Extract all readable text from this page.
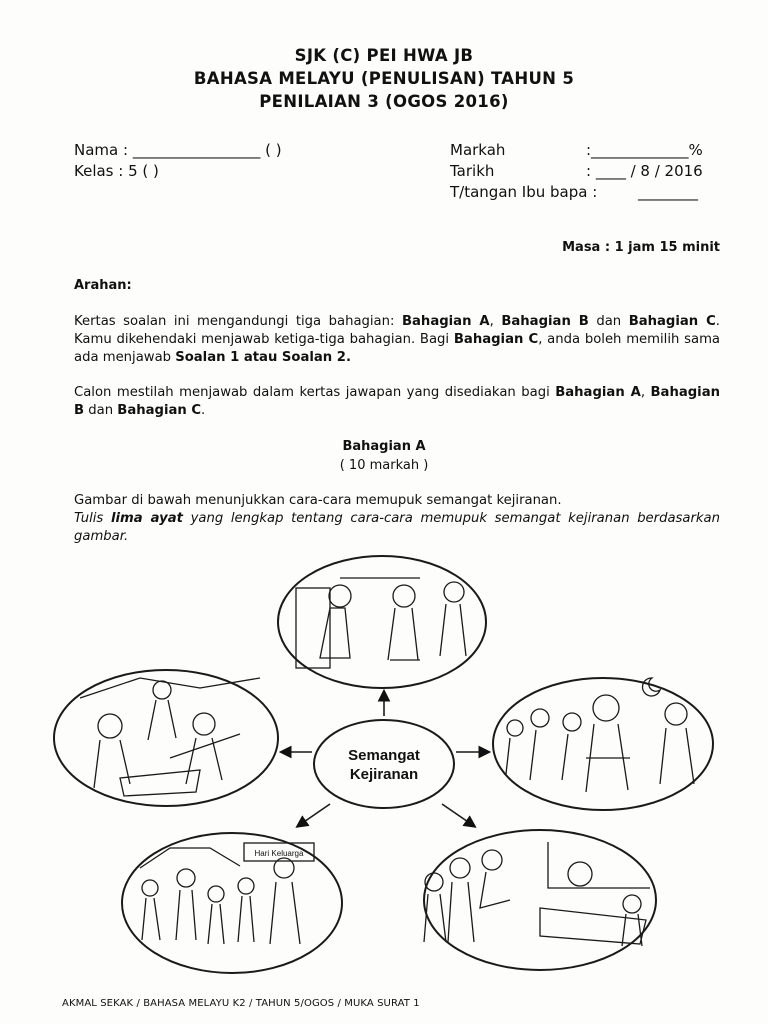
SJK (C) PEI HWA JB
BAHASA MELAYU (PENULISAN) TAHUN 5
PENILAIAN 3 (OGOS 2016)
Nama : _________________ ( )
Kelas : 5 ( )
Markah	:_____________%
Tarikh	: ____ / 8 / 2016
T/tangan Ibu bapa :	________
Masa : 1 jam 15 minit
Arahan:
Kertas soalan ini mengandungi tiga bahagian: Bahagian A, Bahagian B dan Bahagian C. Kamu dikehendaki menjawab ketiga-tiga bahagian. Bagi Bahagian C, anda boleh memilih sama ada menjawab Soalan 1 atau Soalan 2.
Calon mestilah menjawab dalam kertas jawapan yang disediakan bagi Bahagian A, Bahagian B dan Bahagian C.
Bahagian A
( 10 markah )
Gambar di bawah menunjukkan cara-cara memupuk semangat kejiranan.
Tulis lima ayat yang lengkap tentang cara-cara memupuk semangat kejiranan berdasarkan gambar.
Semangat
Kejiranan
Hari Keluarga
AKMAL SEKAK / BAHASA MELAYU K2 / TAHUN 5/OGOS / MUKA SURAT 1
